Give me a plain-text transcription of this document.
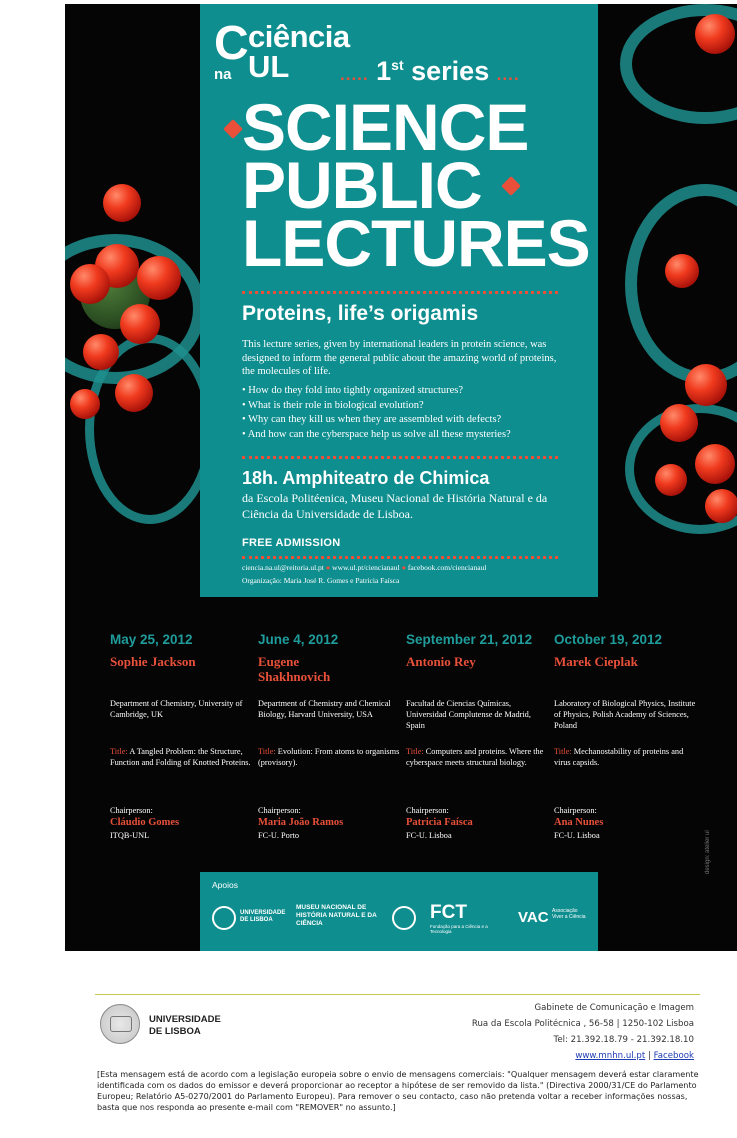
C ciência
na UL	..... 1st series ....
SCIENCE
PUBLIC
LECTURES
Proteins, life’s origamis
This lecture series, given by international leaders in protein science, was designed to inform the general public about the amazing world of proteins, the molecules of life.
• How do they fold into tightly organized structures?
• What is their role in biological evolution?
• Why can they kill us when they are assembled with defects?
• And how can the cyberspace help us solve all these mysteries?
18h. Amphiteatro de Chimica
da Escola Politéenica, Museu Nacional de História Natural e da Ciência da Universidade de Lisboa.
FREE ADMISSION
ciencia.na.ul@reitoria.ul.pt ● www.ul.pt/ciencianaul ● facebook.com/ciencianaul
Organização: Maria José R. Gomes e Patricia Faísca
May 25, 2012
Sophie Jackson
Department of Chemistry, University of Cambridge, UK
Title: A Tangled Problem: the Structure, Function and Folding of Knotted Proteins.
Chairperson:
Cláudio Gomes
ITQB-UNL
June 4, 2012
Eugene Shakhnovich
Department of Chemistry and Chemical Biology, Harvard University, USA
Title: Evolution: From atoms to organisms (provisory).
Chairperson:
Maria João Ramos
FC-U. Porto
September 21, 2012
Antonio Rey
Facultad de Ciencias Químicas, Universidad Complutense de Madrid, Spain
Title: Computers and proteins. Where the cyberspace meets structural biology.
Chairperson:
Patricia Faísca
FC-U. Lisboa
October 19, 2012
Marek Cieplak
Laboratory of Biological Physics, Institute of Physics, Polish Academy of Sciences, Poland
Title: Mechanostability of proteins and virus capsids.
Chairperson:
Ana Nunes
FC-U. Lisboa
Apoios
UNIVERSIDADE DE LISBOA
MUSEU NACIONAL DE HISTÓRIA NATURAL E DA CIÊNCIA
FCT
Fundação para a Ciência e a Tecnologia
VAC Associação Viver a Ciência
design: atelier ul
UNIVERSIDADE
DE LISBOA
Gabinete de Comunicação e Imagem
Rua da Escola Politécnica , 56-58 | 1250-102 Lisboa
Tel: 21.392.18.79 - 21.392.18.10
www.mnhn.ul.pt | Facebook
[Esta mensagem está de acordo com a legislação europeia sobre o envio de mensagens comerciais: "Qualquer mensagem deverá estar claramente identificada com os dados do emissor e deverá proporcionar ao receptor a hipótese de ser removido da lista." (Directiva 2000/31/CE do Parlamento Europeu; Relatório A5-0270/2001 do Parlamento Europeu). Para remover o seu contacto, caso não pretenda voltar a receber informações nossas, basta que nos responda ao presente e-mail com "REMOVER" no assunto.]
